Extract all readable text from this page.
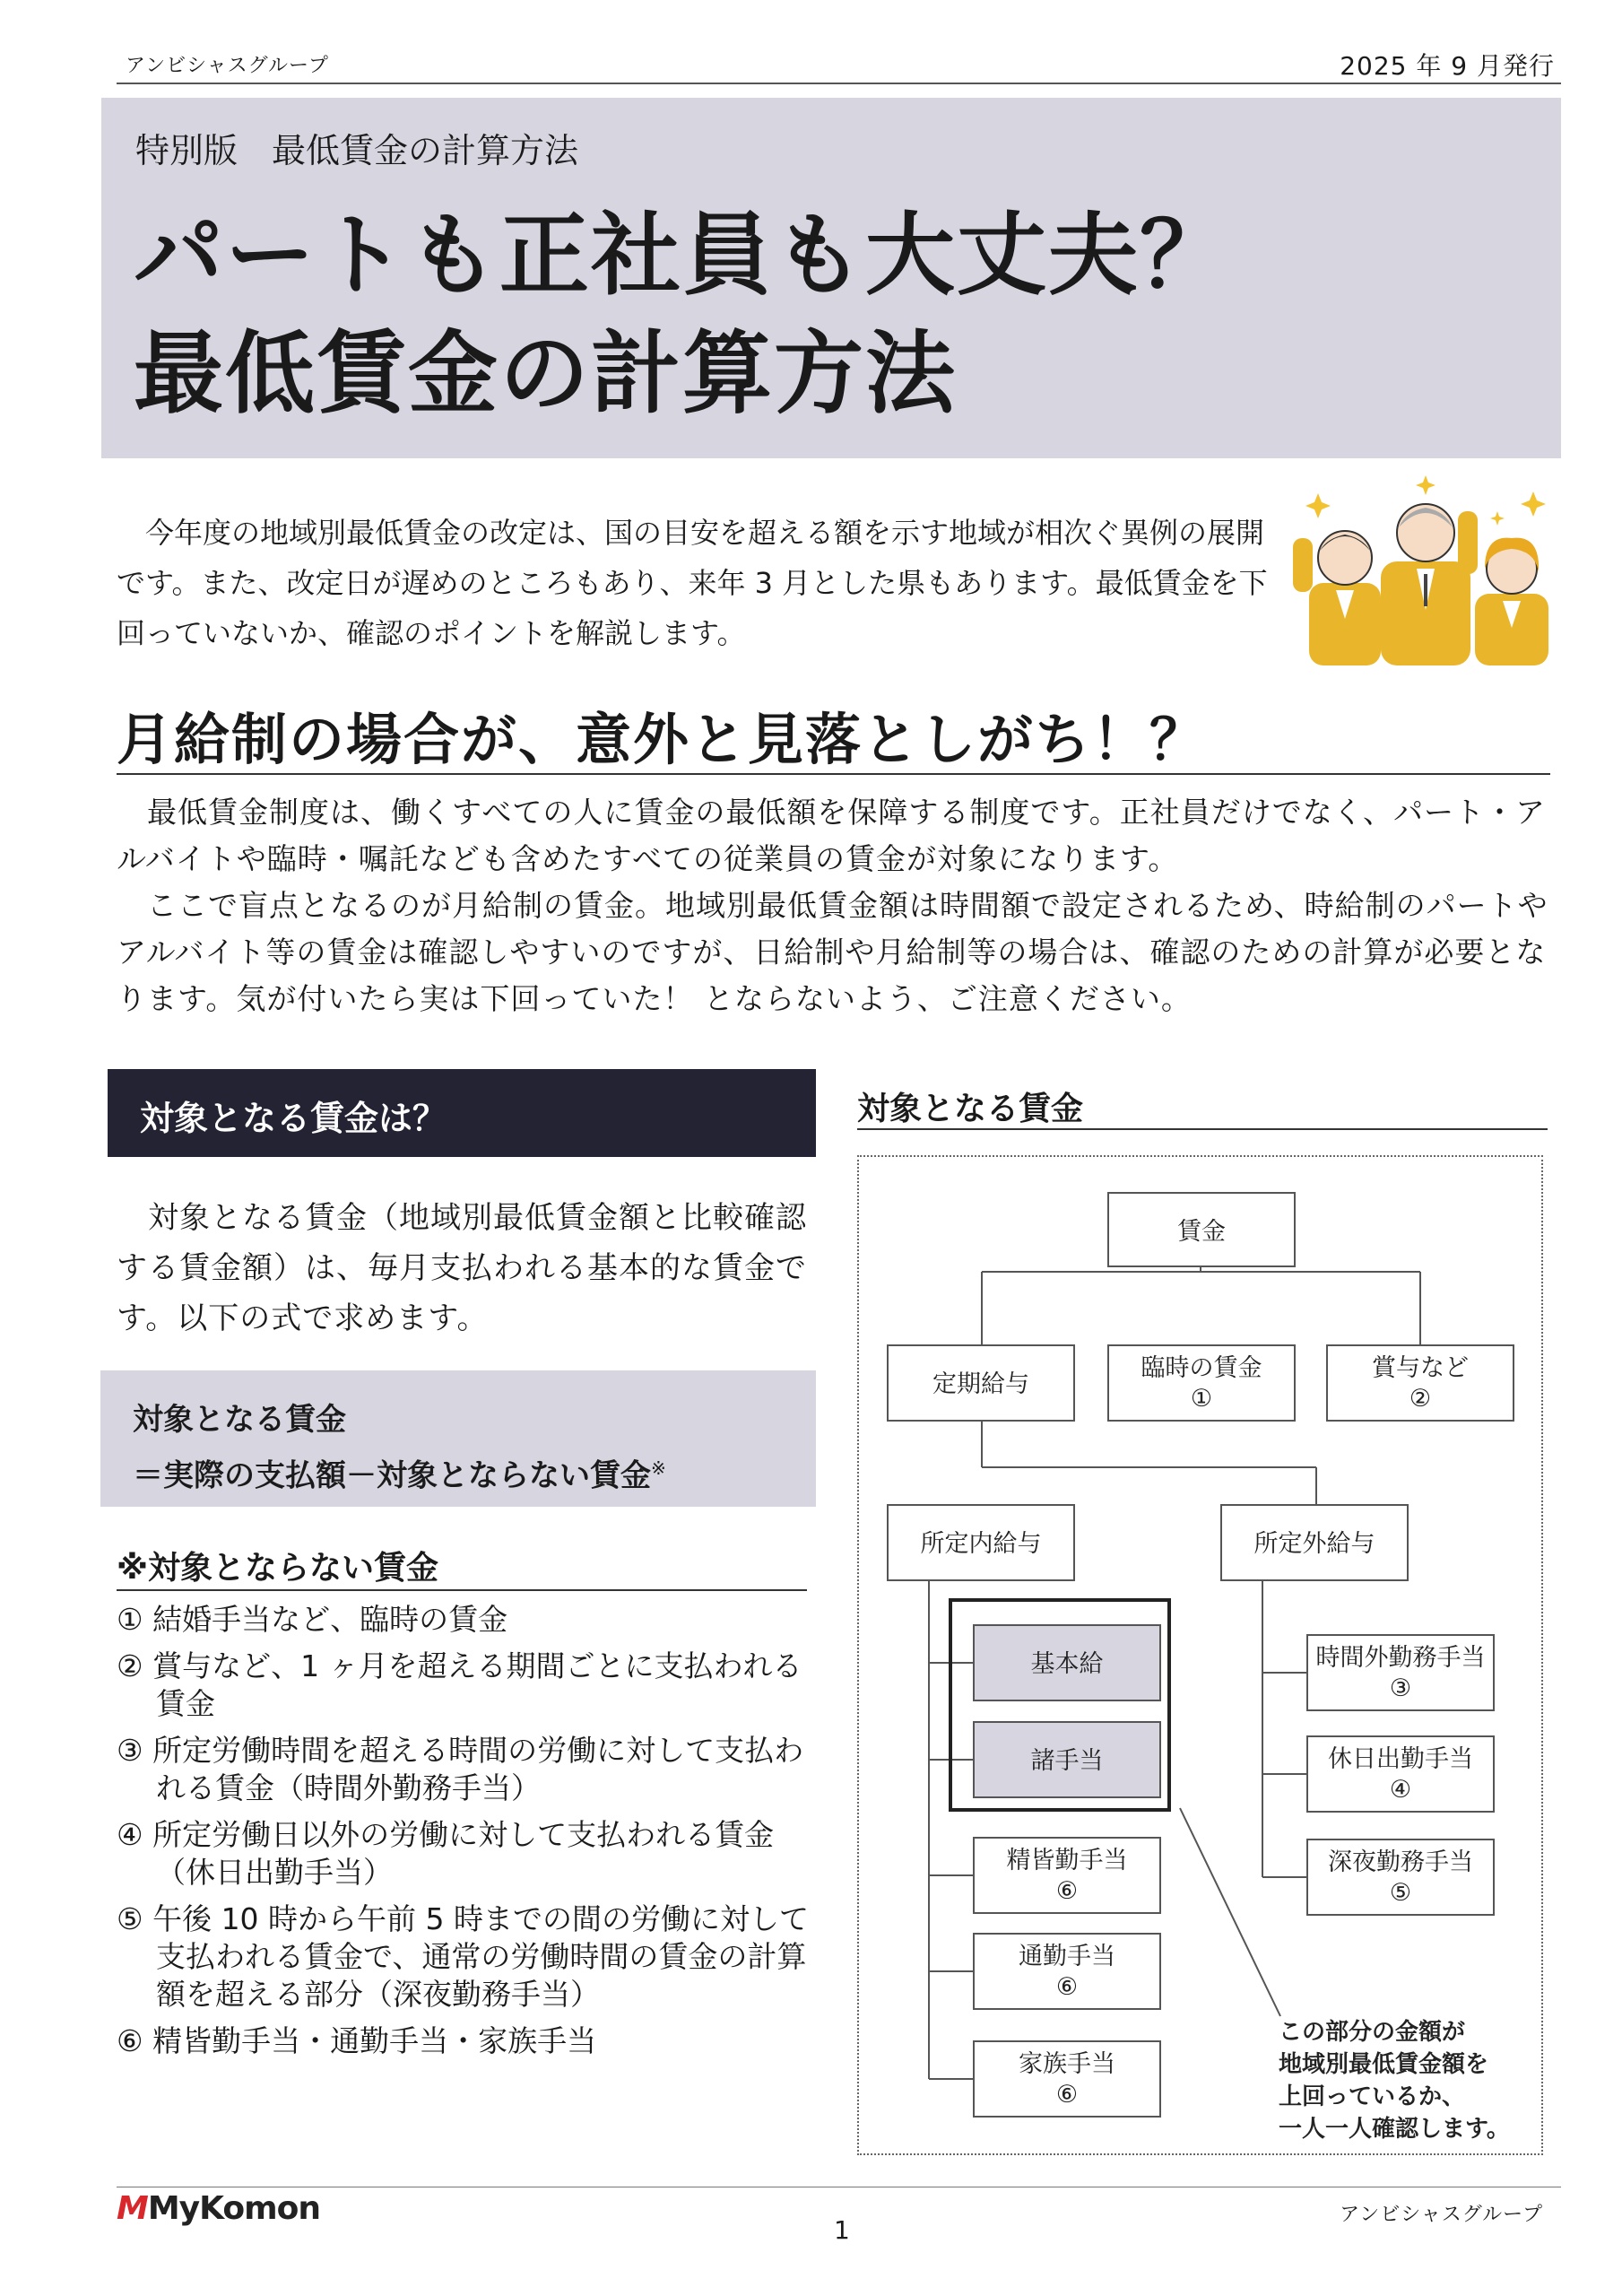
アンビシャスグループ	2025 年 9 月発行
特別版　最低賃金の計算方法
パートも正社員も大丈夫？
最低賃金の計算方法

　今年度の地域別最低賃金の改定は、国の目安を超える額を示す地域が相次ぐ異例の展開です。また、改定日が遅めのところもあり、来年 3 月とした県もあります。最低賃金を下回っていないか、確認のポイントを解説します。

月給制の場合が、意外と見落としがち！？

　最低賃金制度は、働くすべての人に賃金の最低額を保障する制度です。正社員だけでなく、パート・アルバイトや臨時・嘱託なども含めたすべての従業員の賃金が対象になります。

　ここで盲点となるのが月給制の賃金。地域別最低賃金額は時間額で設定されるため、時給制のパートやアルバイト等の賃金は確認しやすいのですが、日給制や月給制等の場合は、確認のための計算が必要となります。気が付いたら実は下回っていた！ とならないよう、ご注意ください。

対象となる賃金は？

　対象となる賃金（地域別最低賃金額と比較確認する賃金額）は、毎月支払われる基本的な賃金です。以下の式で求めます。

対象となる賃金
＝実際の支払額－対象とならない賃金※
※対象とならない賃金
① 結婚手当など、臨時の賃金
② 賞与など、1 ヶ月を超える期間ごとに支払われる賃金
③ 所定労働時間を超える時間の労働に対して支払われる賃金（時間外勤務手当）
④ 所定労働日以外の労働に対して支払われる賃金（休日出勤手当）
⑤ 午後 10 時から午前 5 時までの間の労働に対して支払われる賃金で、通常の労働時間の賃金の計算額を超える部分（深夜勤務手当）
⑥ 精皆勤手当・通勤手当・家族手当
対象となる賃金
賃金
定期給与
臨時の賃金
①
賞与など
②
所定内給与	所定外給与
基本給
諸手当
精皆勤手当
⑥
通勤手当
⑥
家族手当
⑥
時間外勤務手当
③
休日出勤手当
④
深夜勤務手当
⑤
この部分の金額が
地域別最低賃金額を
上回っているか、
一人一人確認します。
MMyKomon
1
アンビシャスグループ
